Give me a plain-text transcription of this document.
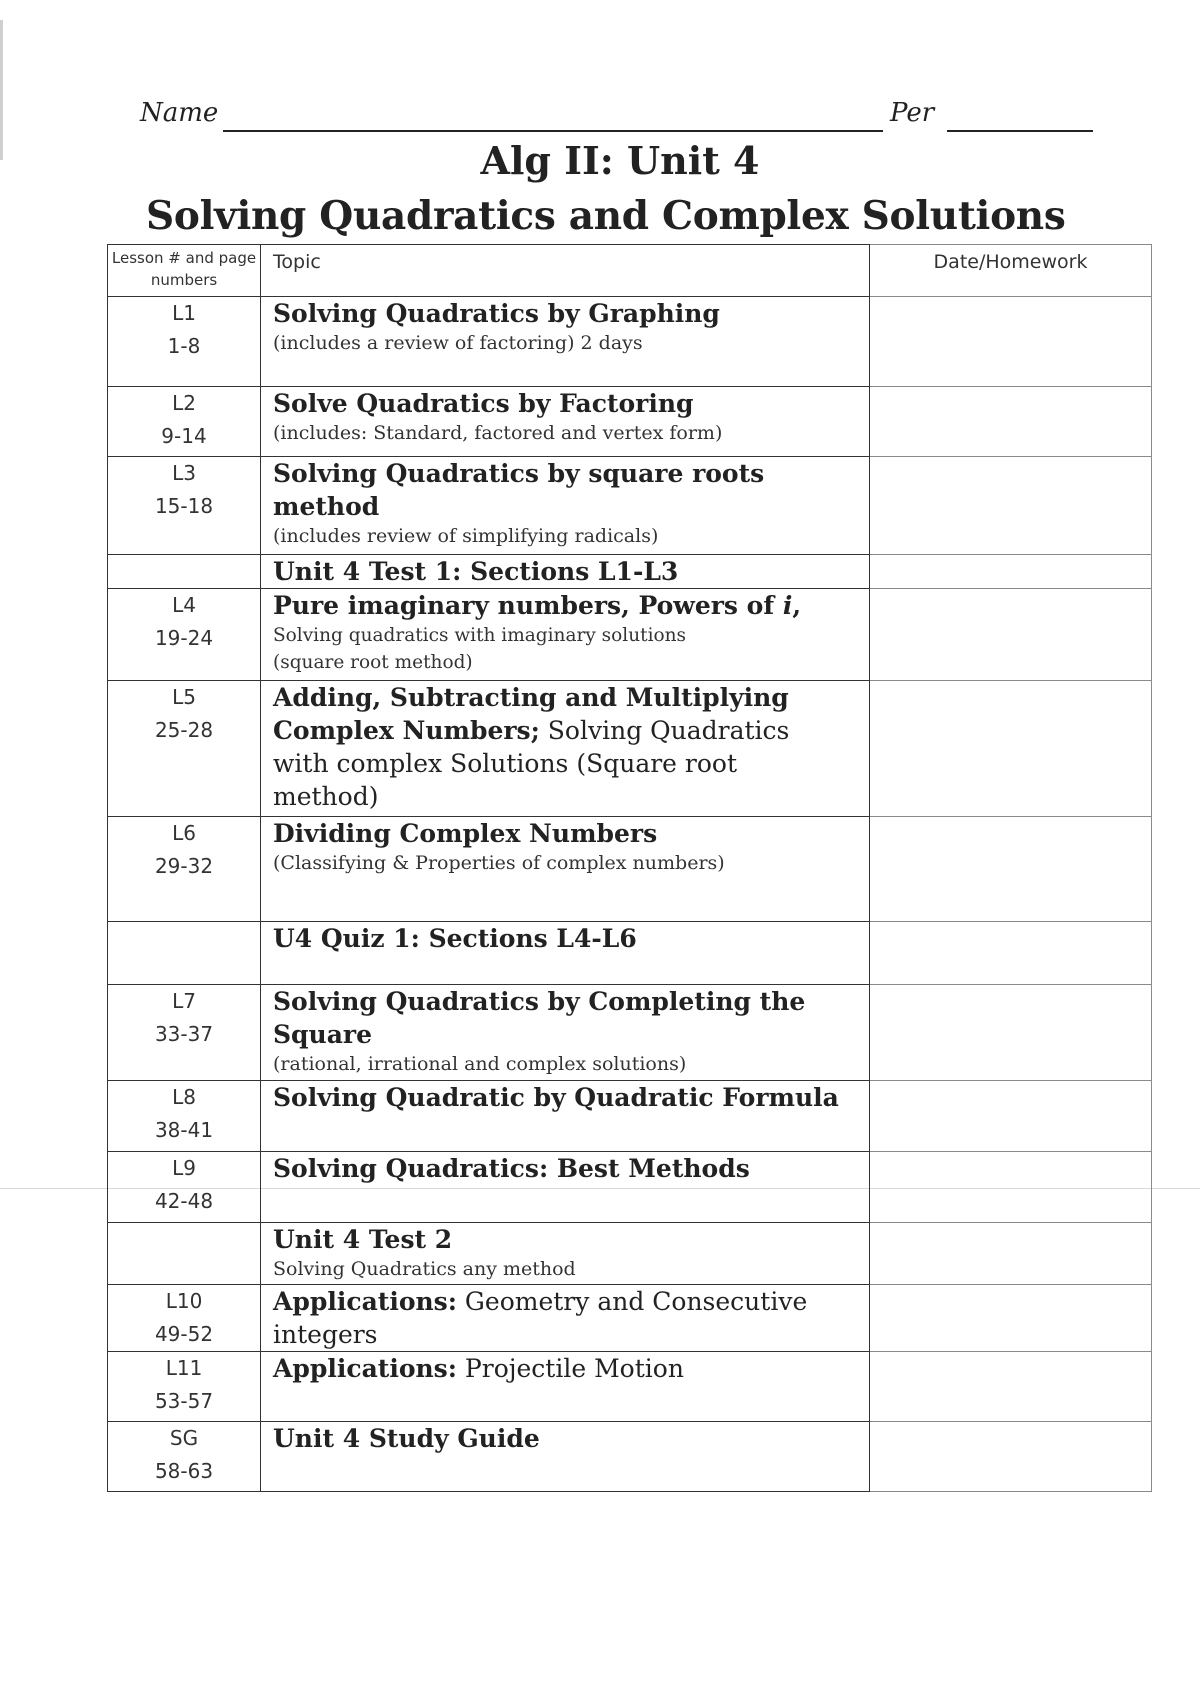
Name	Per
Alg II: Unit 4
Solving Quadratics and Complex Solutions
Lesson # and page numbers	Topic	Date/Homework

L1
1-8	Solving Quadratics by Graphing
(includes a review of factoring) 2 days	

L2
9-14	Solve Quadratics by Factoring
(includes: Standard, factored and vertex form)	

L3
15-18	Solving Quadratics by square roots
method
(includes review of simplifying radicals)	

	Unit 4 Test 1: Sections L1-L3	

L4
19-24	Pure imaginary numbers, Powers of i,
Solving quadratics with imaginary solutions
(square root method)	

L5
25-28	Adding, Subtracting and Multiplying
Complex Numbers; Solving Quadratics
with complex Solutions (Square root
method)	

L6
29-32	Dividing Complex Numbers
(Classifying & Properties of complex numbers)	

	U4 Quiz 1: Sections L4-L6	

L7
33-37	Solving Quadratics by Completing the
Square
(rational, irrational and complex solutions)	

L8
38-41	Solving Quadratic by Quadratic Formula	

L9
42-48	Solving Quadratics: Best Methods	

	Unit 4 Test 2
Solving Quadratics any method	

L10
49-52	Applications: Geometry and Consecutive
integers	

L11
53-57	Applications: Projectile Motion	

SG
58-63	Unit 4 Study Guide	
